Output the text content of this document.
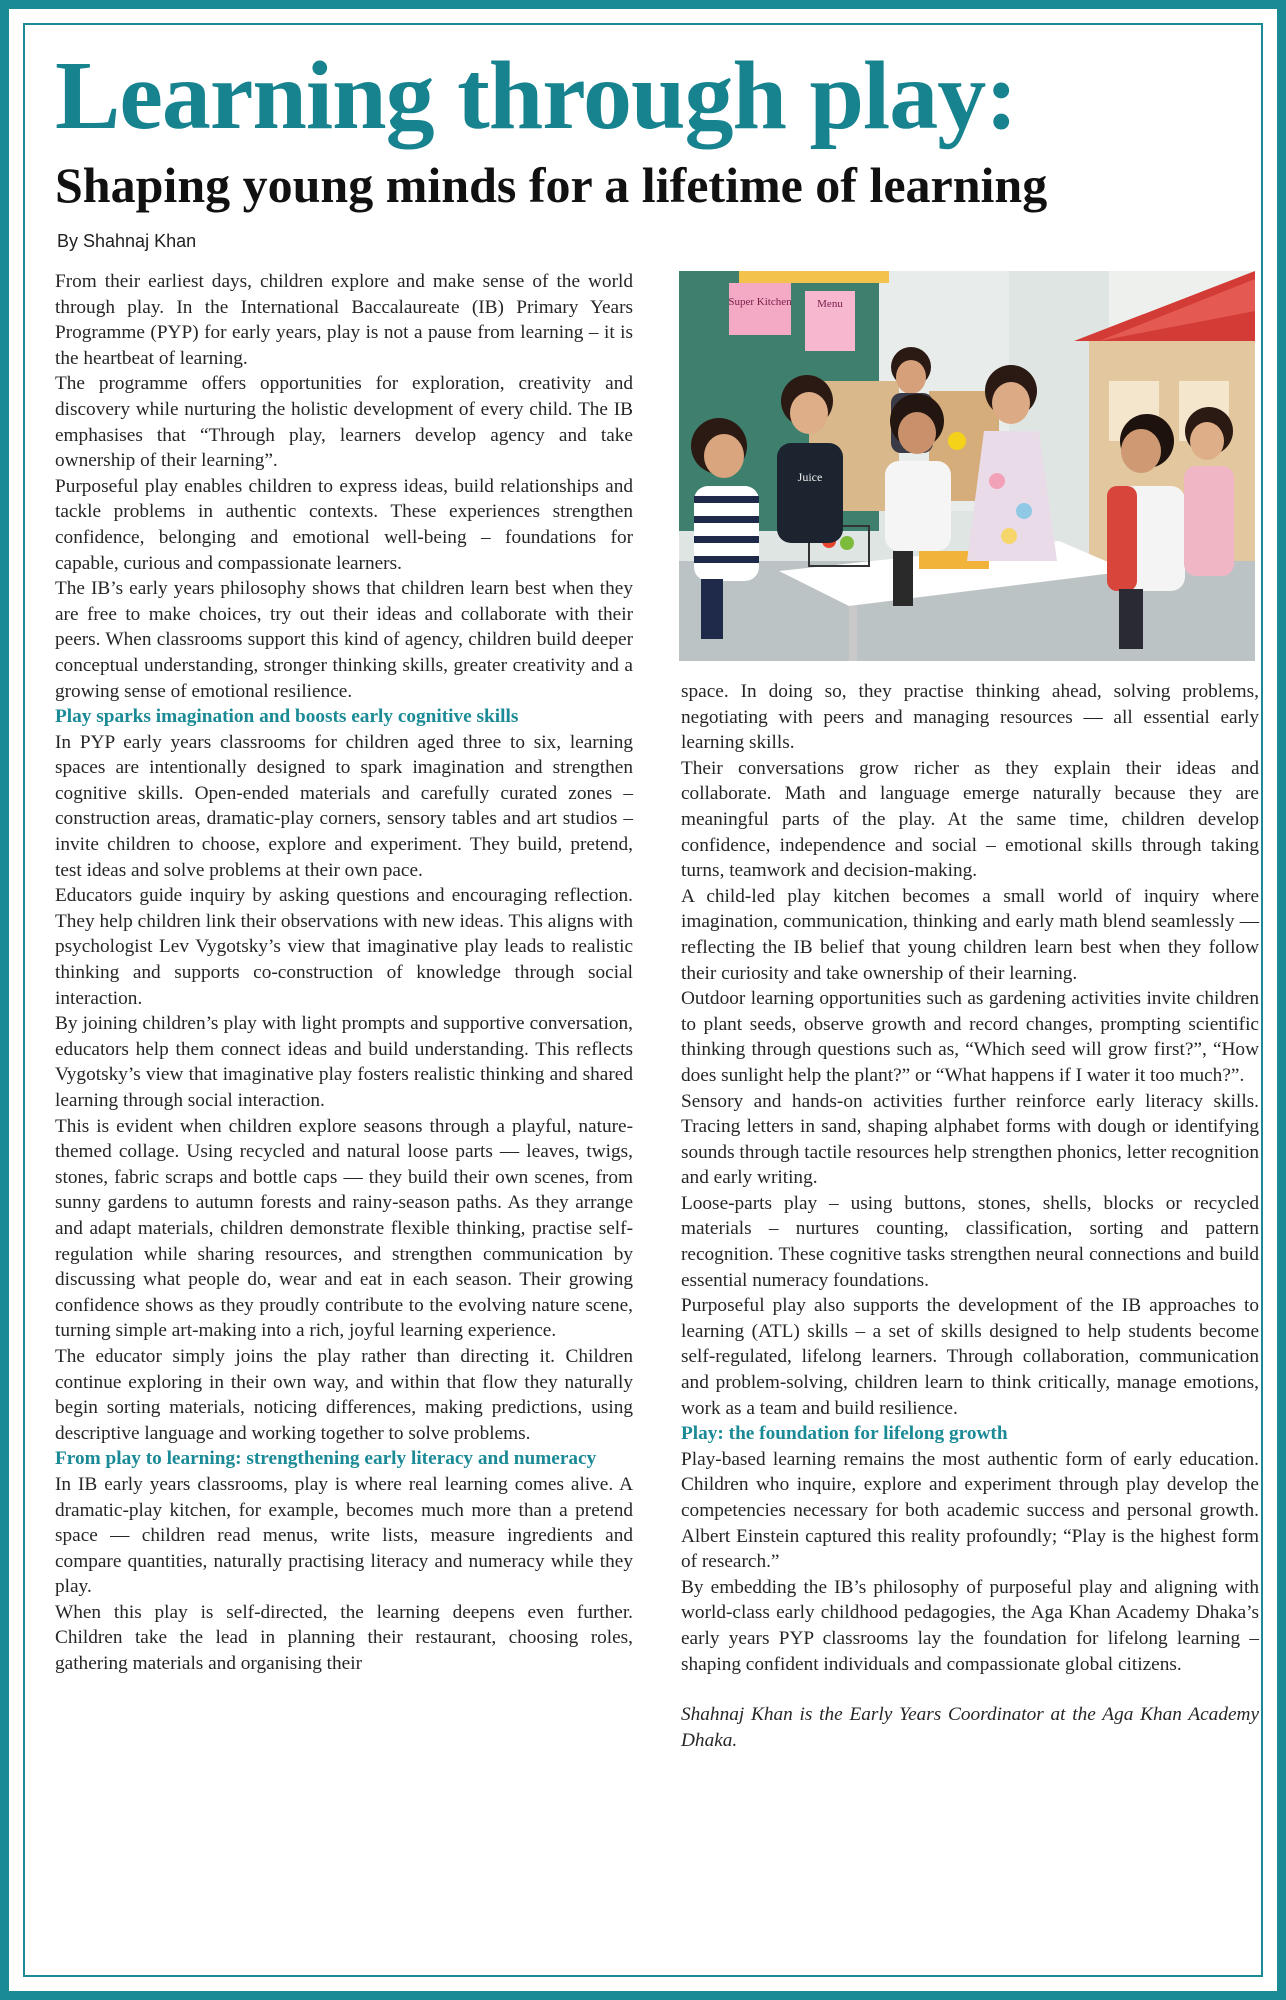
Learning through play:
Shaping young minds for a lifetime of learning
By Shahnaj Khan

From their earliest days, children explore and make sense of the world through play. In the International Baccalaureate (IB) Primary Years Programme (PYP) for early years, play is not a pause from learning – it is the heartbeat of learning.

The programme offers opportunities for exploration, creativity and discovery while nurturing the holistic development of every child. The IB emphasises that “Through play, learners develop agency and take ownership of their learning”.

Purposeful play enables children to express ideas, build relationships and tackle problems in authentic contexts. These experiences strengthen confidence, belonging and emotional well-being – foundations for capable, curious and compassionate learners.

The IB’s early years philosophy shows that children learn best when they are free to make choices, try out their ideas and collaborate with their peers. When classrooms support this kind of agency, children build deeper conceptual understanding, stronger thinking skills, greater creativity and a growing sense of emotional resilience.

Play sparks imagination and boosts early cognitive skills

In PYP early years classrooms for children aged three to six, learning spaces are intentionally designed to spark imagination and strengthen cognitive skills. Open-ended materials and carefully curated zones – construction areas, dramatic-play corners, sensory tables and art studios – invite children to choose, explore and experiment. They build, pretend, test ideas and solve problems at their own pace.

Educators guide inquiry by asking questions and encouraging reflection. They help children link their observations with new ideas. This aligns with psychologist Lev Vygotsky’s view that imaginative play leads to realistic thinking and supports co-construction of knowledge through social interaction.

By joining children’s play with light prompts and supportive conversation, educators help them connect ideas and build understanding. This reflects Vygotsky’s view that imaginative play fosters realistic thinking and shared learning through social interaction.

This is evident when children explore seasons through a playful, nature-themed collage. Using recycled and natural loose parts — leaves, twigs, stones, fabric scraps and bottle caps — they build their own scenes, from sunny gardens to autumn forests and rainy-season paths. As they arrange and adapt materials, children demonstrate flexible thinking, practise self-regulation while sharing resources, and strengthen communication by discussing what people do, wear and eat in each season. Their growing confidence shows as they proudly contribute to the evolving nature scene, turning simple art-making into a rich, joyful learning experience.

The educator simply joins the play rather than directing it. Children continue exploring in their own way, and within that flow they naturally begin sorting materials, noticing differences, making predictions, using descriptive language and working together to solve problems.

From play to learning: strengthening early literacy and numeracy

In IB early years classrooms, play is where real learning comes alive. A dramatic-play kitchen, for example, becomes much more than a pretend space — children read menus, write lists, measure ingredients and compare quantities, naturally practising literacy and numeracy while they play.

When this play is self-directed, the learning deepens even further. Children take the lead in planning their restaurant, choosing roles, gathering materials and organising their

Super Kitchen Menu
Juice

space. In doing so, they practise thinking ahead, solving problems, negotiating with peers and managing resources — all essential early learning skills.

Their conversations grow richer as they explain their ideas and collaborate. Math and language emerge naturally because they are meaningful parts of the play. At the same time, children develop confidence, independence and social – emotional skills through taking turns, teamwork and decision-making.

A child-led play kitchen becomes a small world of inquiry where imagination, communication, thinking and early math blend seamlessly — reflecting the IB belief that young children learn best when they follow their curiosity and take ownership of their learning.

Outdoor learning opportunities such as gardening activities invite children to plant seeds, observe growth and record changes, prompting scientific thinking through questions such as, “Which seed will grow first?”, “How does sunlight help the plant?” or “What happens if I water it too much?”.

Sensory and hands-on activities further reinforce early literacy skills. Tracing letters in sand, shaping alphabet forms with dough or identifying sounds through tactile resources help strengthen phonics, letter recognition and early writing.

Loose-parts play – using buttons, stones, shells, blocks or recycled materials – nurtures counting, classification, sorting and pattern recognition. These cognitive tasks strengthen neural connections and build essential numeracy foundations.

Purposeful play also supports the development of the IB approaches to learning (ATL) skills – a set of skills designed to help students become self-regulated, lifelong learners. Through collaboration, communication and problem-solving, children learn to think critically, manage emotions, work as a team and build resilience.

Play: the foundation for lifelong growth

Play-based learning remains the most authentic form of early education. Children who inquire, explore and experiment through play develop the competencies necessary for both academic success and personal growth. Albert Einstein captured this reality profoundly; “Play is the highest form of research.”

By embedding the IB’s philosophy of purposeful play and aligning with world-class early childhood pedagogies, the Aga Khan Academy Dhaka’s early years PYP classrooms lay the foundation for lifelong learning – shaping confident individuals and compassionate global citizens.

Shahnaj Khan is the Early Years Coordinator at the Aga Khan Academy Dhaka.
